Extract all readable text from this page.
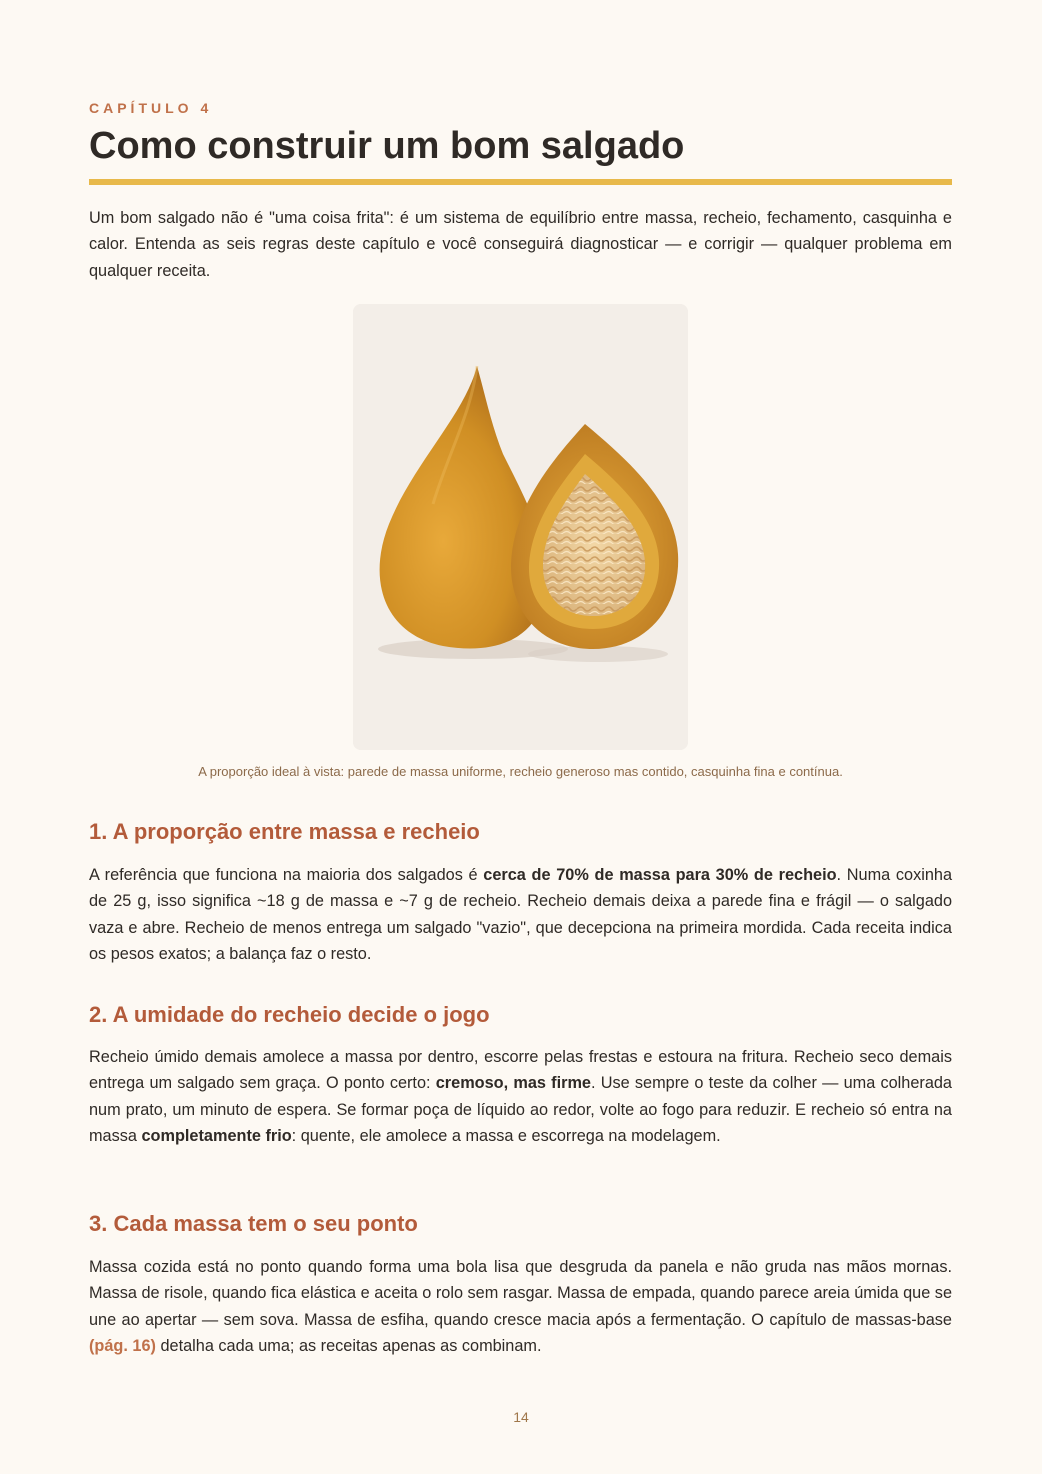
CAPÍTULO 4
Como construir um bom salgado

Um bom salgado não é "uma coisa frita": é um sistema de equilíbrio entre massa, recheio, fechamento, casquinha e calor. Entenda as seis regras deste capítulo e você conseguirá diagnosticar — e corrigir — qualquer problema em qualquer receita.

A proporção ideal à vista: parede de massa uniforme, recheio generoso mas contido, casquinha fina e contínua.
1. A proporção entre massa e recheio

A referência que funciona na maioria dos salgados é cerca de 70% de massa para 30% de recheio. Numa coxinha de 25 g, isso significa ~18 g de massa e ~7 g de recheio. Recheio demais deixa a parede fina e frágil — o salgado vaza e abre. Recheio de menos entrega um salgado "vazio", que decepciona na primeira mordida. Cada receita indica os pesos exatos; a balança faz o resto.

2. A umidade do recheio decide o jogo

Recheio úmido demais amolece a massa por dentro, escorre pelas frestas e estoura na fritura. Recheio seco demais entrega um salgado sem graça. O ponto certo: cremoso, mas firme. Use sempre o teste da colher — uma colherada num prato, um minuto de espera. Se formar poça de líquido ao redor, volte ao fogo para reduzir. E recheio só entra na massa completamente frio: quente, ele amolece a massa e escorrega na modelagem.

3. Cada massa tem o seu ponto

Massa cozida está no ponto quando forma uma bola lisa que desgruda da panela e não gruda nas mãos mornas. Massa de risole, quando fica elástica e aceita o rolo sem rasgar. Massa de empada, quando parece areia úmida que se une ao apertar — sem sova. Massa de esfiha, quando cresce macia após a fermentação. O capítulo de massas-base (pág. 16) detalha cada uma; as receitas apenas as combinam.

14
